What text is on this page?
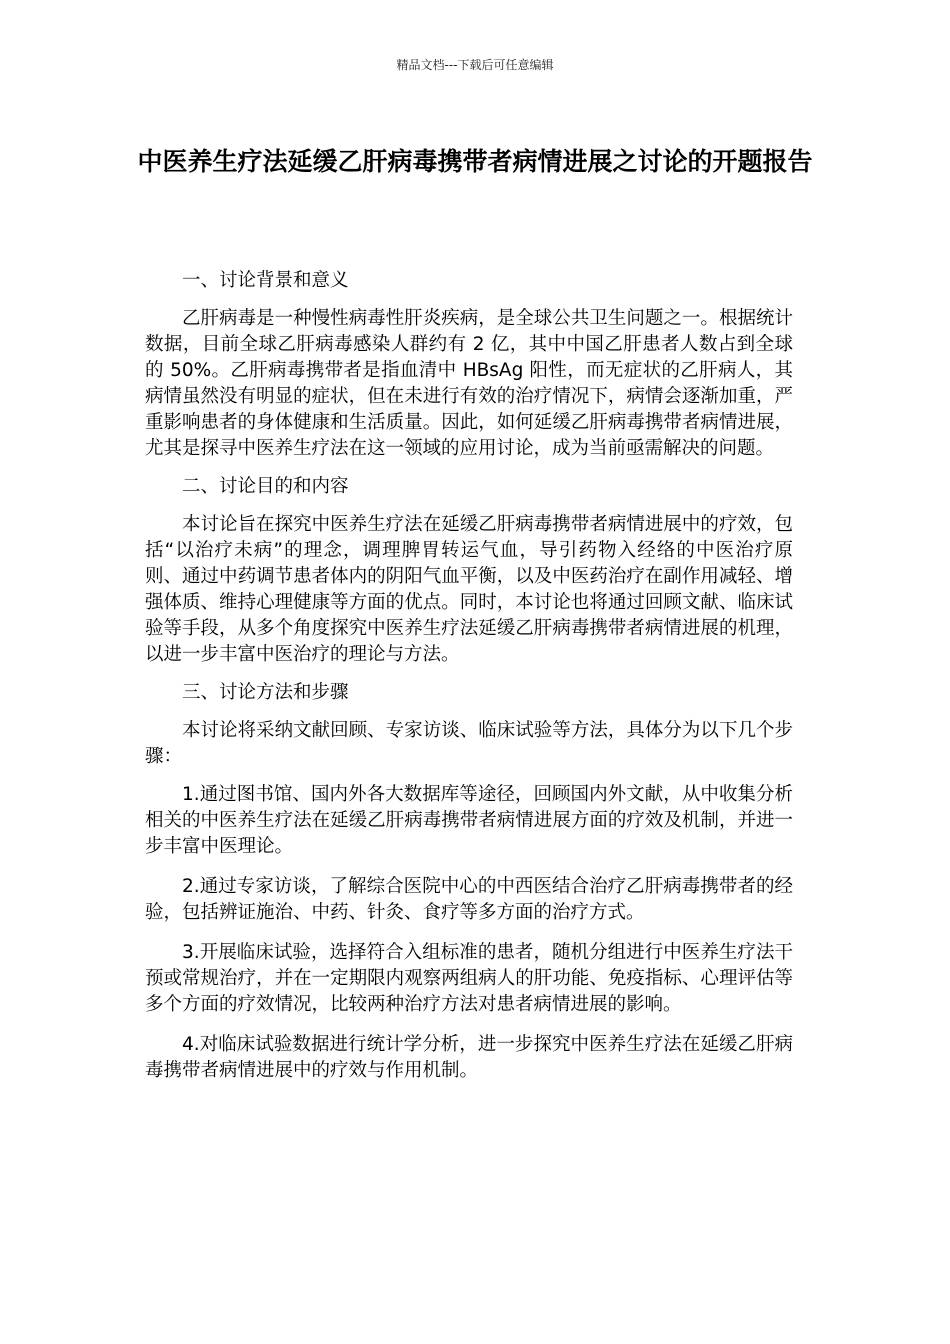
精品文档---下载后可任意编辑
中医养生疗法延缓乙肝病毒携带者病情进展之讨论的开题报告

一、讨论背景和意义

乙肝病毒是一种慢性病毒性肝炎疾病，是全球公共卫生问题之一。根据统计数据，目前全球乙肝病毒感染人群约有 2 亿，其中中国乙肝患者人数占到全球的 50%。乙肝病毒携带者是指血清中 HBsAg 阳性，而无症状的乙肝病人，其病情虽然没有明显的症状，但在未进行有效的治疗情况下，病情会逐渐加重，严重影响患者的身体健康和生活质量。因此，如何延缓乙肝病毒携带者病情进展，尤其是探寻中医养生疗法在这一领域的应用讨论，成为当前亟需解决的问题。

二、讨论目的和内容

本讨论旨在探究中医养生疗法在延缓乙肝病毒携带者病情进展中的疗效，包括“以治疗未病”的理念，调理脾胃转运气血，导引药物入经络的中医治疗原则、通过中药调节患者体内的阴阳气血平衡，以及中医药治疗在副作用减轻、增强体质、维持心理健康等方面的优点。同时，本讨论也将通过回顾文献、临床试验等手段，从多个角度探究中医养生疗法延缓乙肝病毒携带者病情进展的机理，以进一步丰富中医治疗的理论与方法。

三、讨论方法和步骤

本讨论将采纳文献回顾、专家访谈、临床试验等方法，具体分为以下几个步骤：

1.通过图书馆、国内外各大数据库等途径，回顾国内外文献，从中收集分析相关的中医养生疗法在延缓乙肝病毒携带者病情进展方面的疗效及机制，并进一步丰富中医理论。

2.通过专家访谈，了解综合医院中心的中西医结合治疗乙肝病毒携带者的经验，包括辨证施治、中药、针灸、食疗等多方面的治疗方式。

3.开展临床试验，选择符合入组标准的患者，随机分组进行中医养生疗法干预或常规治疗，并在一定期限内观察两组病人的肝功能、免疫指标、心理评估等多个方面的疗效情况，比较两种治疗方法对患者病情进展的影响。

4.对临床试验数据进行统计学分析，进一步探究中医养生疗法在延缓乙肝病毒携带者病情进展中的疗效与作用机制。
